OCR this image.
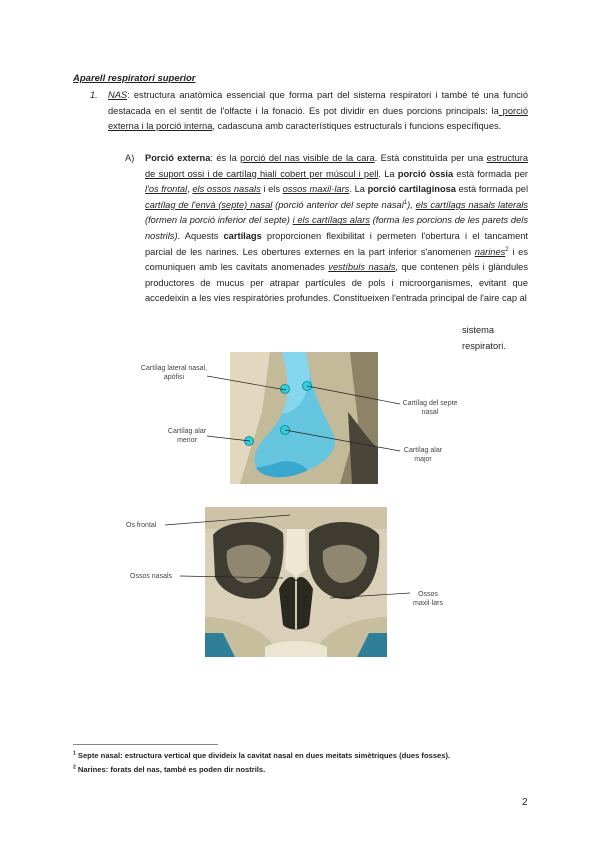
Aparell respiratori superior
1. NAS: estructura anatòmica essencial que forma part del sistema respiratori i també té una funció destacada en el sentit de l'olfacte i la fonació. Es pot dividir en dues porcions principals: la porció externa i la porció interna, cadascuna amb característiques estructurals i funcions específiques.
A) Porció externa: és la porció del nas visible de la cara. Està constituïda per una estructura de suport ossi i de cartílag hialí cobert per múscul i pell. La porció òssia està formada per l'os frontal, els ossos nasals i els ossos maxil·lars. La porció cartilaginosa està formada pel cartílag de l'envà (septe) nasal (porció anterior del septe nasal$^1$), els cartílags nasals laterals (formen la porció inferior del septe) i els cartílags alars (forma les porcions de les parets dels nostrils). Aquests cartílags proporcionen flexibilitat i permeten l'obertura i el tancament parcial de les narines. Les obertures externes en la part inferior s'anomenen narines$^2$ i es comuniquen amb les cavitats anomenades vestíbuls nasals, que contenen pèls i glàndules productores de mucus per atrapar partícules de pols i microorganismes, evitant que accedeixin a les vies respiratòries profundes. Constitueixen l'entrada principal de l'aire cap al
sistema
respiratori.
Cartílag lateral nasal, apòfisi
Cartílag del septe nasal
Cartílag alar menor
Cartílag alar major
Os frontal
Ossos nasals
Ossos maxil·lars
$^1$ Septe nasal: estructura vertical que divideix la cavitat nasal en dues meitats simètriques (dues fosses).
$^2$ Narines: forats del nas, també es poden dir nostrils.
2
